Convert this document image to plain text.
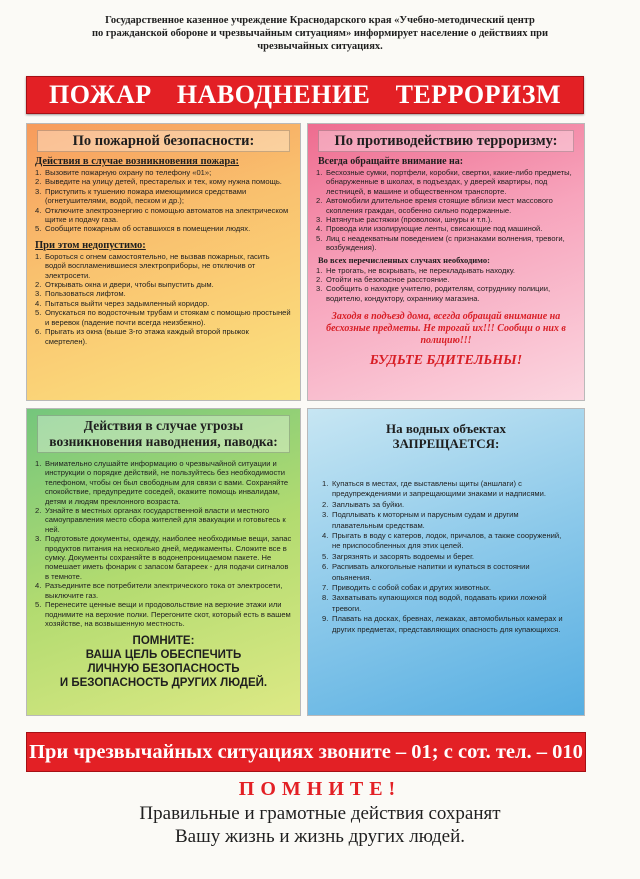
Государственное казенное учреждение Краснодарского края «Учебно-методический центр
по гражданской обороне и чрезвычайным ситуациям» информирует население о действиях при
чрезвычайных ситуациях.
ПОЖАР НАВОДНЕНИЕ ТЕРРОРИЗМ
По пожарной безопасности:
Действия в случае возникновения пожара:
1. Вызовите пожарную охрану по телефону «01»;
2. Выведите на улицу детей, престарелых и тех, кому нужна помощь.
3. Приступить к тушению пожара имеющимися средствами (огнетушителями, водой, песком и др.);
4. Отключите электроэнергию с помощью автоматов на электрическом щитке и подачу газа.
5. Сообщите пожарным об оставшихся в помещении людях.
При этом недопустимо:
1. Бороться с огнем самостоятельно, не вызвав пожарных, гасить водой воспламенившиеся электроприборы, не отключив от электросети.
2. Открывать окна и двери, чтобы выпустить дым.
3. Пользоваться лифтом.
4. Пытаться выйти через задымленный коридор.
5. Опускаться по водосточным трубам и стоякам с помощью простыней и веревок (падение почти всегда неизбежно).
6. Прыгать из окна (выше 3-го этажа каждый второй прыжок смертелен).
По противодействию терроризму:
Всегда обращайте внимание на:
1. Бесхозные сумки, портфели, коробки, свертки, какие-либо предметы, обнаруженные в школах, в подъездах, у дверей квартиры, под лестницей, в машине и общественном транспорте.
2. Автомобили длительное время стоящие вблизи мест массового скопления граждан, особенно сильно подержанные.
3. Натянутые растяжки (проволоки, шнуры и т.п.).
4. Провода или изолирующие ленты, свисающие под машиной.
5. Лиц с неадекватным поведением (с признаками волнения, тревоги, возбуждения).
Во всех перечисленных случаях необходимо:
1. Не трогать, не вскрывать, не перекладывать находку.
2. Отойти на безопасное расстояние.
3. Сообщить о находке учителю, родителям, сотруднику полиции, водителю, кондуктору, охраннику магазина.
Заходя в подъезд дома, всегда обращай внимание на бесхозные предметы. Не трогай их!!! Сообщи о них в полицию!!!
БУДЬТЕ БДИТЕЛЬНЫ!
Действия в случае угрозы возникновения наводнения, паводка:
1. Внимательно слушайте информацию о чрезвычайной ситуации и инструкции о порядке действий, не пользуйтесь без необходимости телефоном, чтобы он был свободным для связи с вами. Сохраняйте спокойствие, предупредите соседей, окажите помощь инвалидам, детям и людям преклонного возраста.
2. Узнайте в местных органах государственной власти и местного самоуправления место сбора жителей для эвакуации и готовьтесь к ней.
3. Подготовьте документы, одежду, наиболее необходимые вещи, запас продуктов питания на несколько дней, медикаменты. Сложите все в сумку. Документы сохраняйте в водонепроницаемом пакете. Не помешает иметь фонарик с запасом батареек - для подачи сигналов в темноте.
4. Разъедините все потребители электрического тока от электросети, выключите газ.
5. Перенесите ценные вещи и продовольствие на верхние этажи или поднимите на верхние полки. Перегоните скот, который есть в вашем хозяйстве, на возвышенную местность.
ПОМНИТЕ:
ВАША ЦЕЛЬ ОБЕСПЕЧИТЬ
ЛИЧНУЮ БЕЗОПАСНОСТЬ
И БЕЗОПАСНОСТЬ ДРУГИХ ЛЮДЕЙ.
На водных объектах
ЗАПРЕЩАЕТСЯ:
1. Купаться в местах, где выставлены щиты (аншлаги) с предупреждениями и запрещающими знаками и надписями.
2. Заплывать за буйки.
3. Подплывать к моторным и парусным судам и другим плавательным средствам.
4. Прыгать в воду с катеров, лодок, причалов, а также сооружений, не приспособленных для этих целей.
5. Загрязнять и засорять водоемы и берег.
6. Распивать алкогольные напитки и купаться в состоянии опьянения.
7. Приводить с собой собак и других животных.
8. Захватывать купающихся под водой, подавать крики ложной тревоги.
9. Плавать на досках, бревнах, лежаках, автомобильных камерах и других предметах, представляющих опасность для купающихся.
При чрезвычайных ситуациях звоните – 01; с сот. тел. – 010
ПОМНИТЕ!
Правильные и грамотные действия сохранят
Вашу жизнь и жизнь других людей.
